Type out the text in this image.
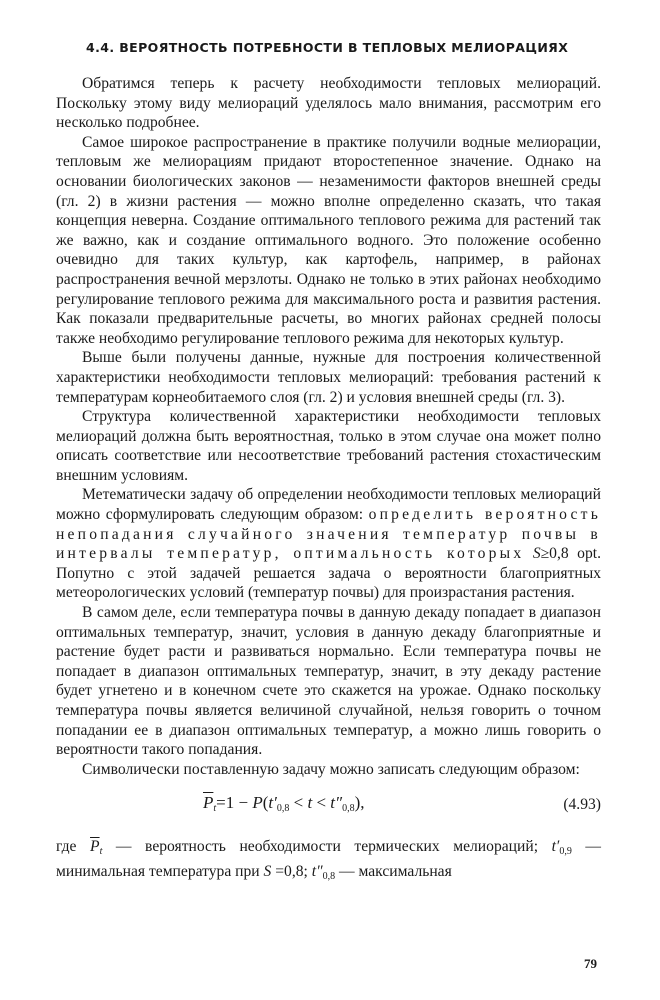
4.4. ВЕРОЯТНОСТЬ ПОТРЕБНОСТИ В ТЕПЛОВЫХ МЕЛИОРАЦИЯХ

Обратимся теперь к расчету необходимости тепловых мелиораций. Поскольку этому виду мелиораций уделялось мало внимания, рассмотрим его несколько подробнее.

Самое широкое распространение в практике получили водные мелиорации, тепловым же мелиорациям придают второстепенное значение. Однако на основании биологических законов — незаменимости факторов внешней среды (гл. 2) в жизни растения — можно вполне определенно сказать, что такая концепция неверна. Создание оптимального теплового режима для растений так же важно, как и создание оптимального водного. Это положение особенно очевидно для таких культур, как картофель, например, в районах распространения вечной мерзлоты. Однако не только в этих районах необходимо регулирование теплового режима для максимального роста и развития растения. Как показали предварительные расчеты, во многих районах средней полосы также необходимо регулирование теплового режима для некоторых культур.

Выше были получены данные, нужные для построения количественной характеристики необходимости тепловых мелиораций: требования растений к температурам корнеобитаемого слоя (гл. 2) и условия внешней среды (гл. 3).

Структура количественной характеристики необходимости тепловых мелиораций должна быть вероятностная, только в этом случае она может полно описать соответствие или несоответствие требований растения стохастическим внешним условиям.

Метематически задачу об определении необходимости тепловых мелиораций можно сформулировать следующим образом: определить вероятность непопадания случайного значения температур почвы в интервалы температур, оптимальность которых S≥0,8 opt. Попутно с этой задачей решается задача о вероятности благоприятных метеорологических условий (температур почвы) для произрастания растения.

В самом деле, если температура почвы в данную декаду попадает в диапазон оптимальных температур, значит, условия в данную декаду благоприятные и растение будет расти и развиваться нормально. Если температура почвы не попадает в диапазон оптимальных температур, значит, в эту декаду растение будет угнетено и в конечном счете это скажется на урожае. Однако поскольку температура почвы является величиной случайной, нельзя говорить о точном попадании ее в диапазон оптимальных температур, а можно лишь говорить о вероятности такого попадания.

Символически поставленную задачу можно записать следующим образом:

$\overline{P}_t=1 - P(t'_{0,8} < t < t''_{0,8})$,	(4.93)

где $\overline{P}_t$ — вероятность необходимости термических мелиораций; $t'_{0,9}$ — минимальная температура при S =0,8; $t''_{0,8}$ — максимальная

79
